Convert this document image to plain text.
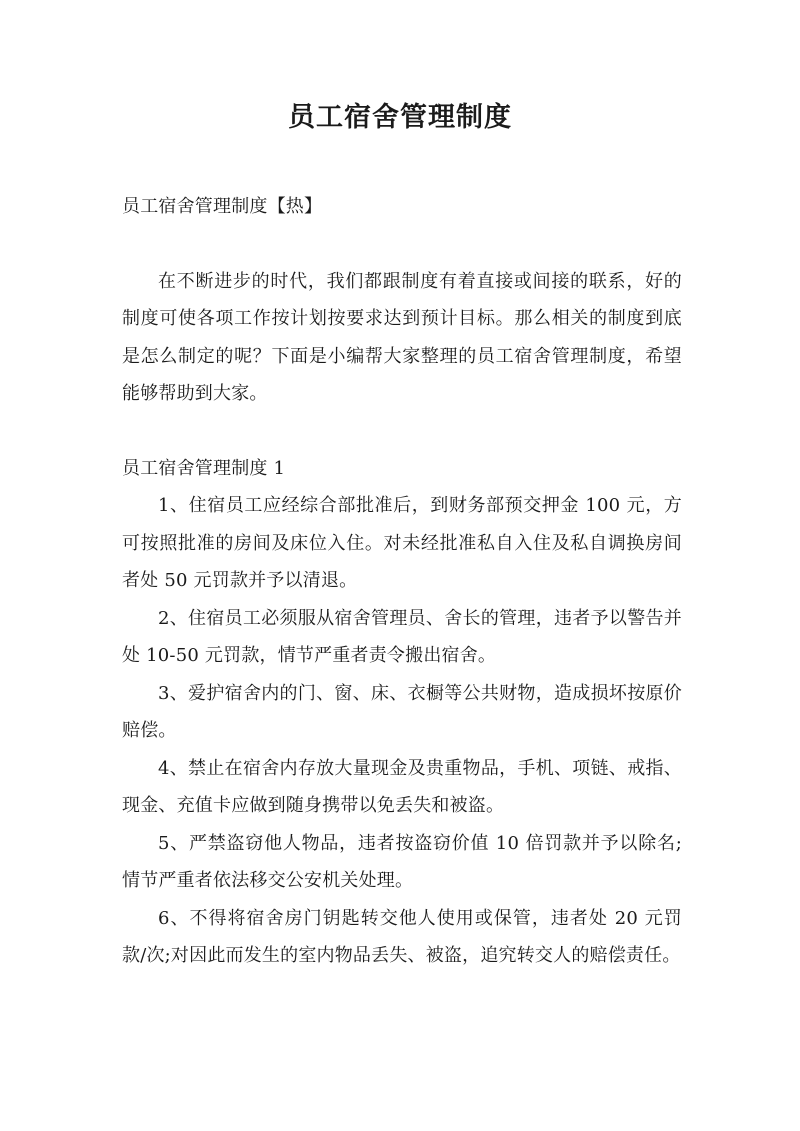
员工宿舍管理制度

员工宿舍管理制度【热】

在不断进步的时代，我们都跟制度有着直接或间接的联系，好的制度可使各项工作按计划按要求达到预计目标。那么相关的制度到底是怎么制定的呢？下面是小编帮大家整理的员工宿舍管理制度，希望能够帮助到大家。

员工宿舍管理制度 1

1、住宿员工应经综合部批准后，到财务部预交押金 100 元，方可按照批准的房间及床位入住。对未经批准私自入住及私自调换房间者处 50 元罚款并予以清退。

2、住宿员工必须服从宿舍管理员、舍长的管理，违者予以警告并处 10-50 元罚款，情节严重者责令搬出宿舍。

3、爱护宿舍内的门、窗、床、衣橱等公共财物，造成损坏按原价赔偿。

4、禁止在宿舍内存放大量现金及贵重物品，手机、项链、戒指、现金、充值卡应做到随身携带以免丢失和被盗。

5、严禁盗窃他人物品，违者按盗窃价值 10 倍罚款并予以除名;情节严重者依法移交公安机关处理。

6、不得将宿舍房门钥匙转交他人使用或保管，违者处 20 元罚款/次;对因此而发生的室内物品丢失、被盗，追究转交人的赔偿责任。
